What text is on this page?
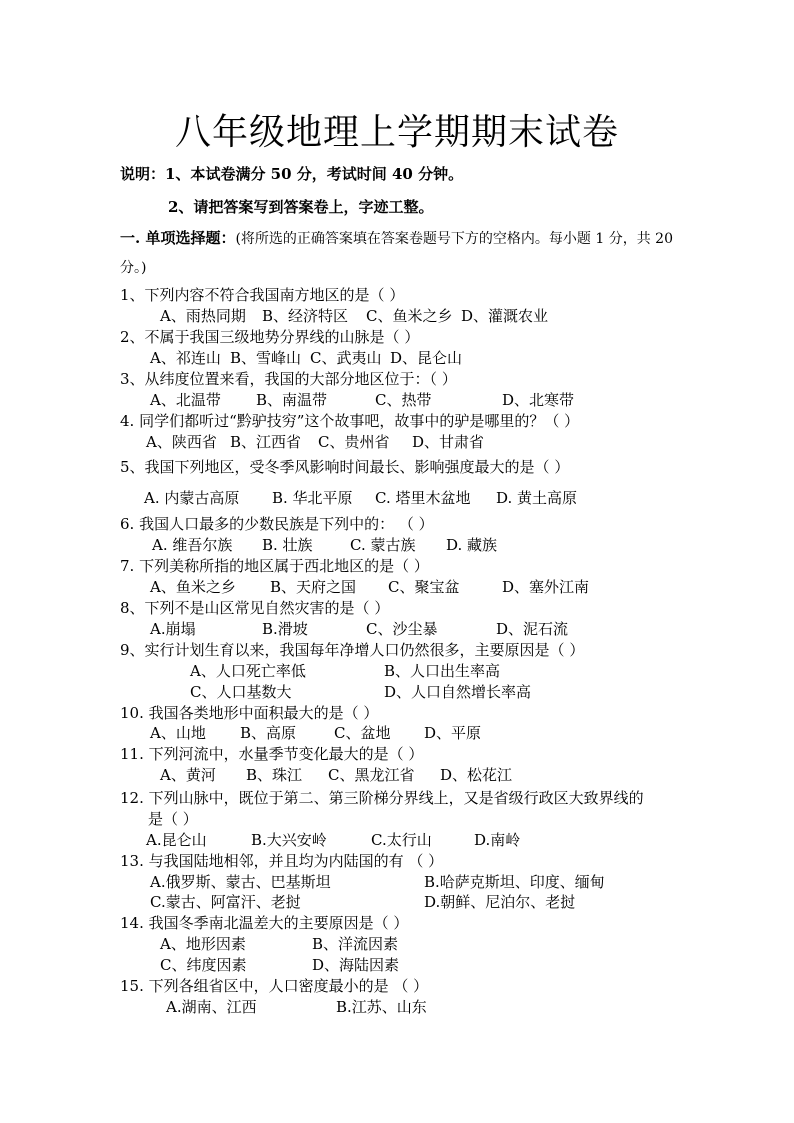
八年级地理上学期期末试卷
说明：1、本试卷满分 50 分，考试时间 40 分钟。
2、请把答案写到答案卷上，字迹工整。
一. 单项选择题：(将所选的正确答案填在答案卷题号下方的空格内。每小题 1 分，共 20 分。)
1、下列内容不符合我国南方地区的是（ ）
A、雨热同期 B、经济特区 C、鱼米之乡 D、灌溉农业
2、不属于我国三级地势分界线的山脉是（ ）
A、祁连山 B、雪峰山 C、武夷山 D、昆仑山
3、从纬度位置来看，我国的大部分地区位于：（ ）
A、北温带 B、南温带	C、热带	D、北寒带
4. 同学们都听过“黔驴技穷”这个故事吧，故事中的驴是哪里的？（ ）
A、陕西省 B、江西省 C、贵州省 D、甘肃省
5、我国下列地区，受冬季风影响时间最长、影响强度最大的是（ ）
A. 内蒙古高原 B. 华北平原 C. 塔里木盆地 D. 黄土高原
6. 我国人口最多的少数民族是下列中的： （ ）
A. 维吾尔族 B. 壮族 C. 蒙古族 D. 藏族
7. 下列美称所指的地区属于西北地区的是（ ）
A、鱼米之乡 B、天府之国 C、聚宝盆	D、塞外江南
8、下列不是山区常见自然灾害的是（ ）
A.崩塌	B.滑坡	C、沙尘暴	D、泥石流
9、实行计划生育以来，我国每年净增人口仍然很多，主要原因是（ ）
A、人口死亡率低	B、人口出生率高
C、人口基数大	D、人口自然增长率高
10. 我国各类地形中面积最大的是（ ）
A、山地 B、高原	C、盆地 D、平原
11. 下列河流中，水量季节变化最大的是（ ）
A、黄河 B、珠江 C、黑龙江省 D、松花江
12. 下列山脉中，既位于第二、第三阶梯分界线上，又是省级行政区大致界线的
是（ ）
A.昆仑山	B.大兴安岭	C.太行山	D.南岭
13. 与我国陆地相邻，并且均为内陆国的有 （ ）
A.俄罗斯、蒙古、巴基斯坦	B.哈萨克斯坦、印度、缅甸
C.蒙古、阿富汗、老挝	D.朝鲜、尼泊尔、老挝
14. 我国冬季南北温差大的主要原因是（ ）
A、地形因素	B、洋流因素
C、纬度因素	D、海陆因素
15. 下列各组省区中，人口密度最小的是 （ ）
A.湖南、江西	B.江苏、山东
